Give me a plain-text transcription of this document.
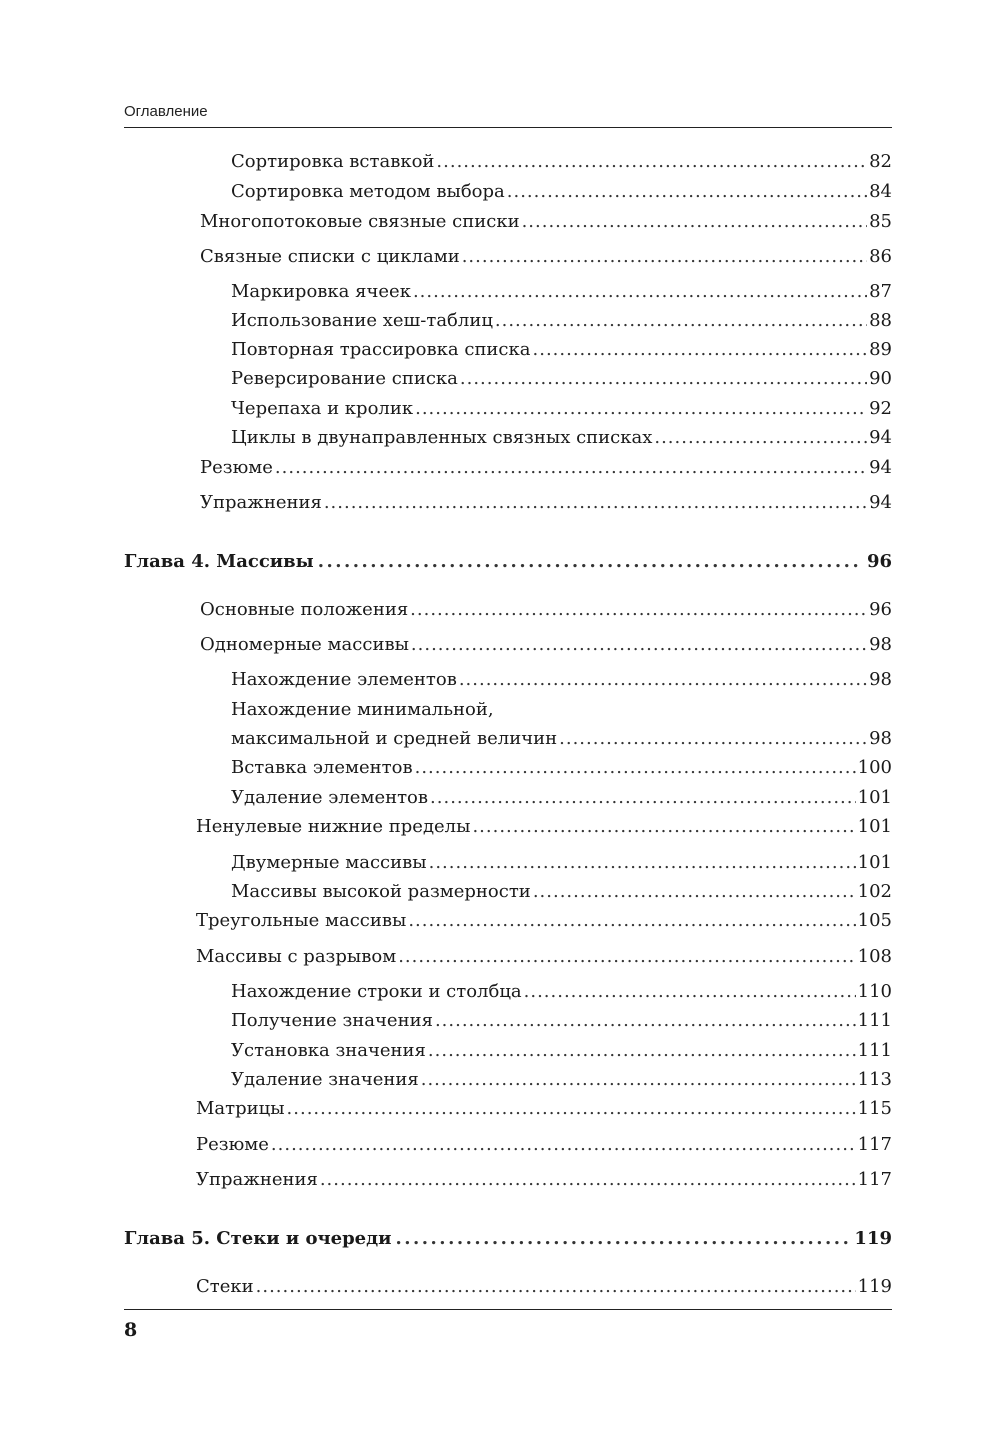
Оглавление
Сортировка вставкой .....	82
Сортировка методом выбора .....	84
Многопотоковые связные списки .....	85
Связные списки с циклами .....	86
Маркировка ячеек .....	87
Использование хеш-таблиц .....	88
Повторная трассировка списка .....	89
Реверсирование списка .....	90
Черепаха и кролик .....	92
Циклы в двунаправленных связных списках .....	94
Резюме .....	94
Упражнения .....	94
Глава 4. Массивы .....	96
Основные положения .....	96
Одномерные массивы .....	98
Нахождение элементов .....	98
Нахождение минимальной,
максимальной и средней величин .....	98
Вставка элементов .....	100
Удаление элементов .....	101
Ненулевые нижние пределы .....	101
Двумерные массивы .....	101
Массивы высокой размерности .....	102
Треугольные массивы .....	105
Массивы с разрывом .....	108
Нахождение строки и столбца .....	110
Получение значения .....	111
Установка значения .....	111
Удаление значения .....	113
Матрицы .....	115
Резюме .....	117
Упражнения .....	117
Глава 5. Стеки и очереди .....	119
Стеки .....	119
8
